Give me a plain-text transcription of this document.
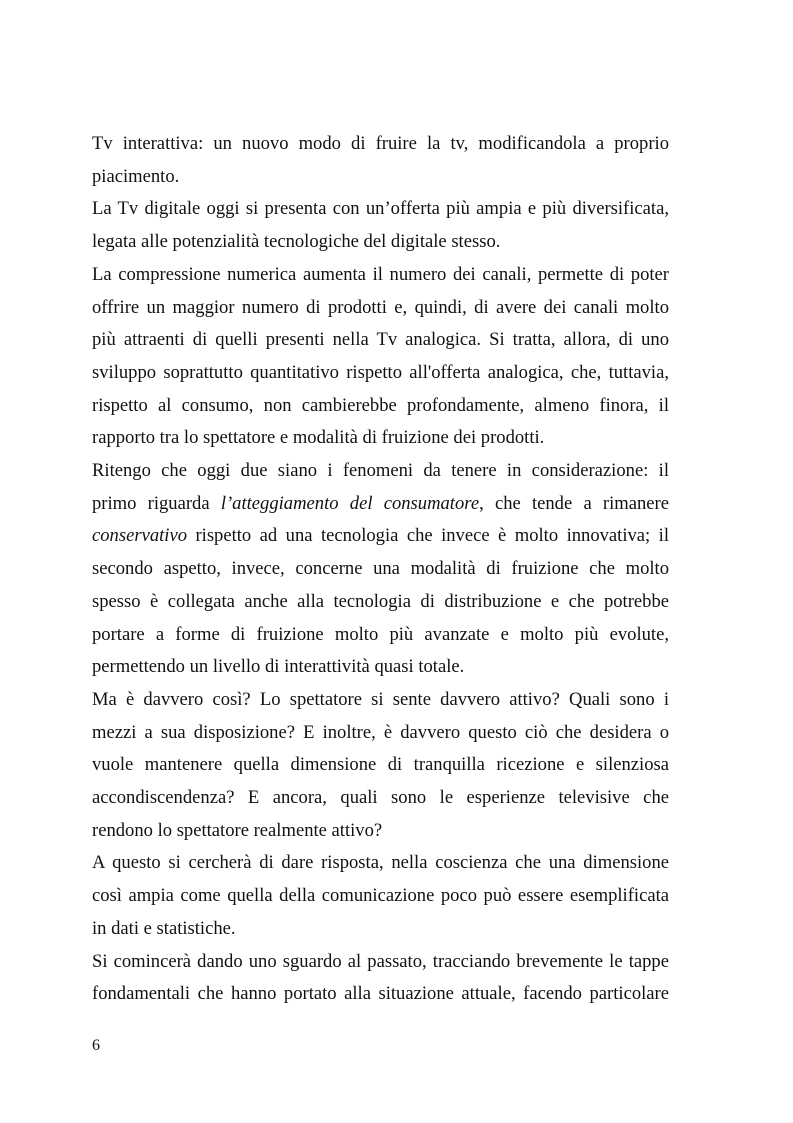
Tv interattiva: un nuovo modo di fruire la tv, modificandola a proprio
piacimento.

La Tv digitale oggi si presenta con un’offerta più ampia e più diversificata,
legata alle potenzialità tecnologiche del digitale stesso.

La compressione numerica aumenta il numero dei canali, permette di poter
offrire un maggior numero di prodotti e, quindi, di avere dei canali molto
più attraenti di quelli presenti nella Tv analogica. Si tratta, allora, di uno
sviluppo soprattutto quantitativo rispetto all'offerta analogica, che, tuttavia,
rispetto al consumo, non cambierebbe profondamente, almeno finora, il
rapporto tra lo spettatore e modalità di fruizione dei prodotti.

Ritengo che oggi due siano i fenomeni da tenere in considerazione: il
primo riguarda l’atteggiamento del consumatore, che tende a rimanere
conservativo rispetto ad una tecnologia che invece è molto innovativa; il
secondo aspetto, invece, concerne una modalità di fruizione che molto
spesso è collegata anche alla tecnologia di distribuzione e che potrebbe
portare a forme di fruizione molto più avanzate e molto più evolute,
permettendo un livello di interattività quasi totale.

Ma è davvero così? Lo spettatore si sente davvero attivo? Quali sono i
mezzi a sua disposizione? E inoltre, è davvero questo ciò che desidera o
vuole mantenere quella dimensione di tranquilla ricezione e silenziosa
accondiscendenza? E ancora, quali sono le esperienze televisive che
rendono lo spettatore realmente attivo?

A questo si cercherà di dare risposta, nella coscienza che una dimensione
così ampia come quella della comunicazione poco può essere esemplificata
in dati e statistiche.

Si comincerà dando uno sguardo al passato, tracciando brevemente le tappe
fondamentali che hanno portato alla situazione attuale, facendo particolare

6
